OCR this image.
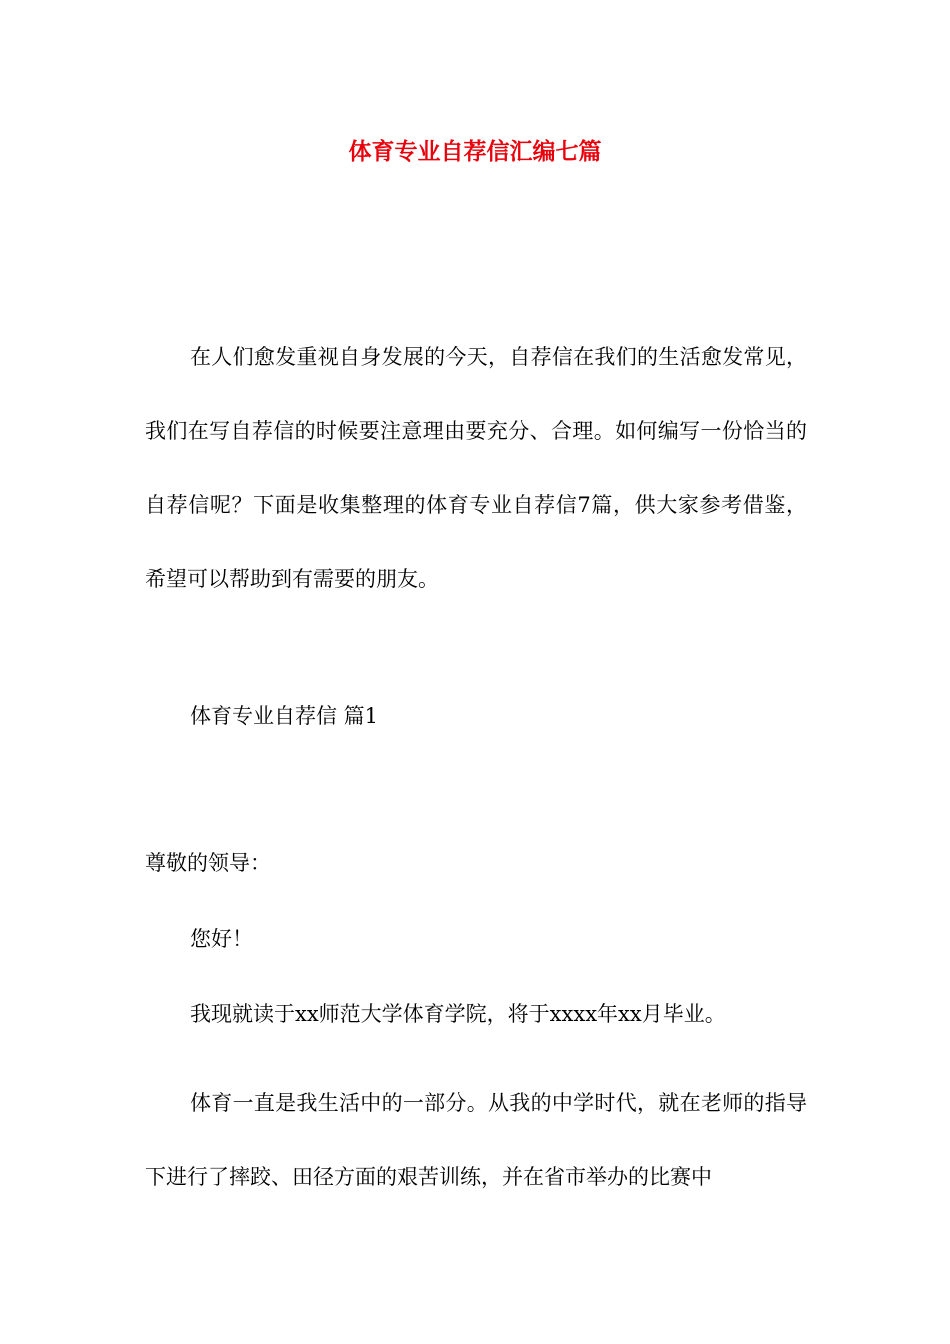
体育专业自荐信汇编七篇

在人们愈发重视自身发展的今天，自荐信在我们的生活愈发常见，我们在写自荐信的时候要注意理由要充分、合理。如何编写一份恰当的自荐信呢？下面是收集整理的体育专业自荐信7篇，供大家参考借鉴，希望可以帮助到有需要的朋友。

体育专业自荐信 篇1

尊敬的领导：

您好！

我现就读于xx师范大学体育学院，将于xxxx年xx月毕业。

体育一直是我生活中的一部分。从我的中学时代，就在老师的指导下进行了摔跤、田径方面的艰苦训练，并在省市举办的比赛中
